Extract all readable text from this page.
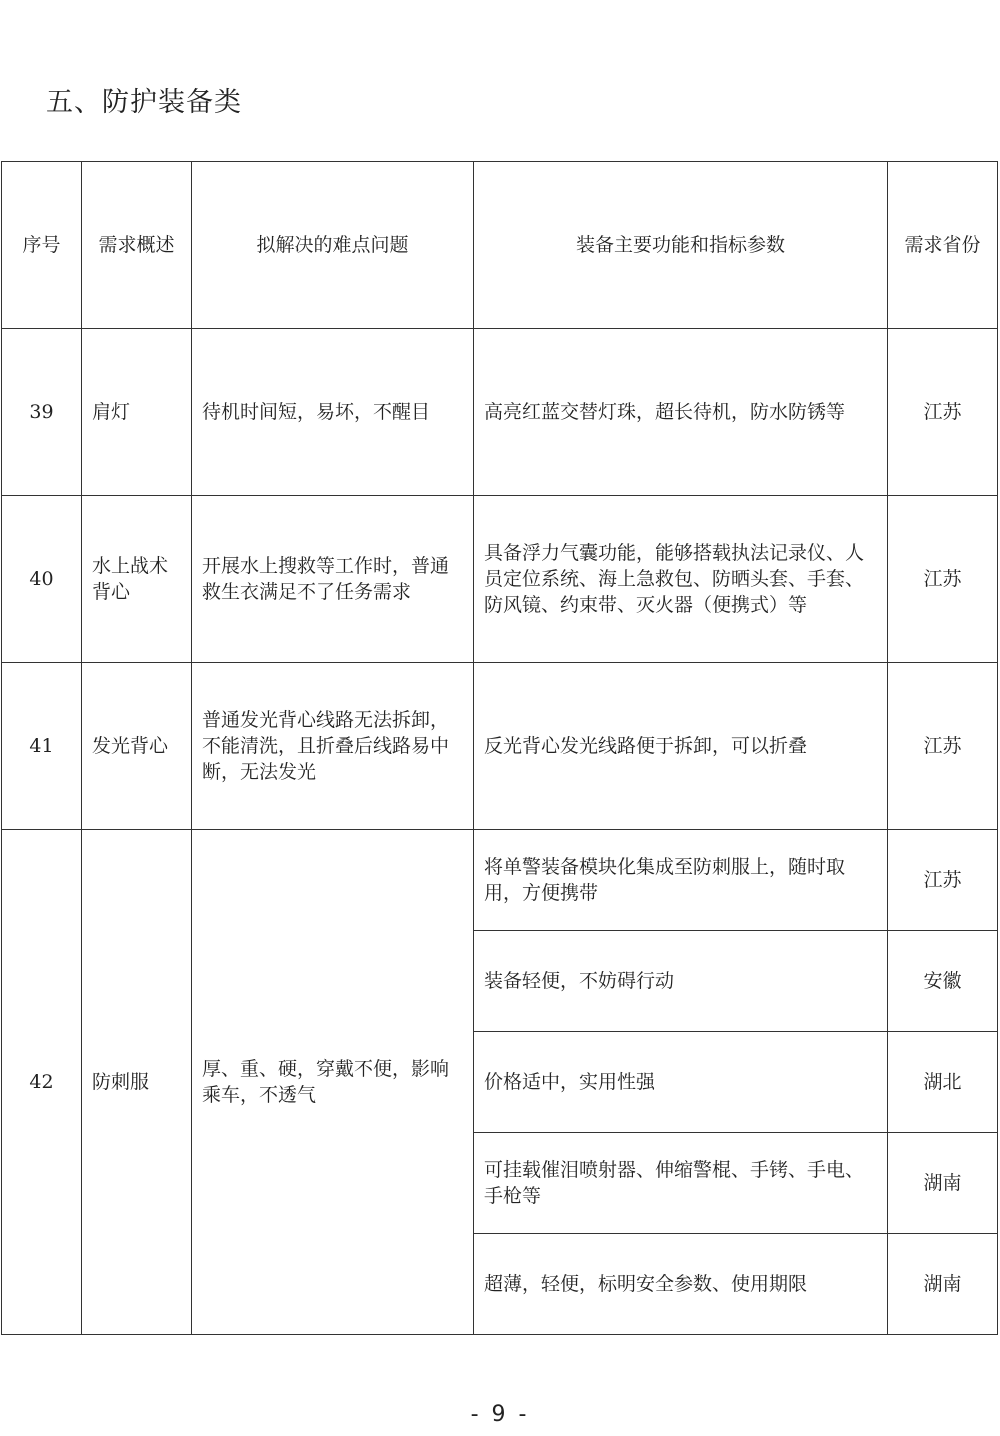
五、防护装备类
序号	需求概述	拟解决的难点问题	装备主要功能和指标参数	需求省份
39	肩灯	待机时间短，易坏，不醒目	高亮红蓝交替灯珠，超长待机，防水防锈等	江苏
40	水上战术背心	开展水上搜救等工作时，普通救生衣满足不了任务需求	具备浮力气囊功能，能够搭载执法记录仪、人员定位系统、海上急救包、防晒头套、手套、防风镜、约束带、灭火器（便携式）等	江苏
41	发光背心	普通发光背心线路无法拆卸，不能清洗，且折叠后线路易中断，无法发光	反光背心发光线路便于拆卸，可以折叠	江苏
42	防刺服	厚、重、硬，穿戴不便，影响乘车，不透气	将单警装备模块化集成至防刺服上，随时取用，方便携带	江苏
			装备轻便，不妨碍行动	安徽
			价格适中，实用性强	湖北
			可挂载催泪喷射器、伸缩警棍、手铐、手电、手枪等	湖南
			超薄，轻便，标明安全参数、使用期限	湖南
- 9 -
